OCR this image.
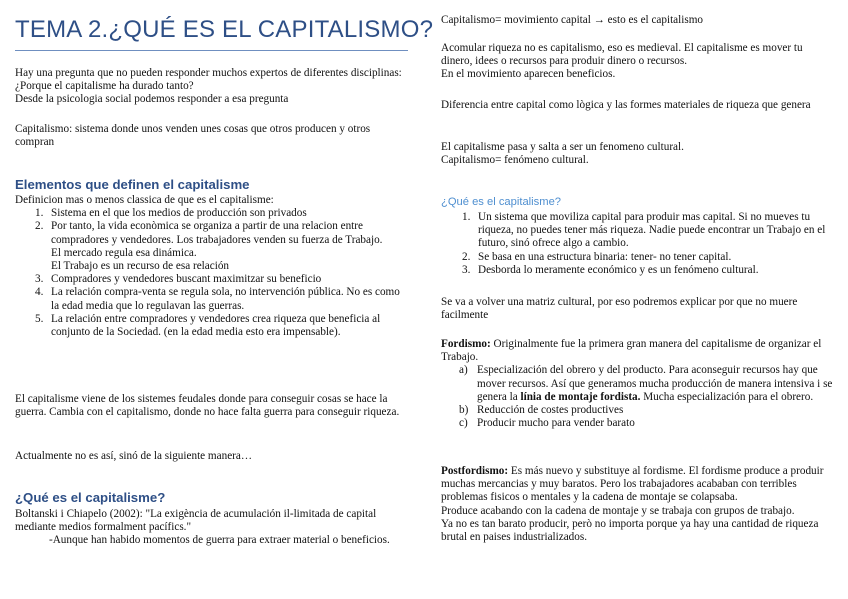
TEMA 2.¿QUÉ ES EL CAPITALISMO?

Hay una pregunta que no pueden responder muchos expertos de diferentes disciplinas: ¿Porque el capitalisme ha durado tanto?

Desde la psicologia social podemos responder a esa pregunta

Capitalismo: sistema donde unos venden unes cosas que otros producen y otros compran

Elementos que definen el capitalisme

Definicion mas o menos classica de que es el capitalisme:

1. Sistema en el que los medios de producción son privados
2. Por tanto, la vida econòmica se organiza a partir de una relacion entre compradores y vendedores. Los trabajadores venden su fuerza de Trabajo.
El mercado regula esa dinámica.
El Trabajo es un recurso de esa relación
3. Compradores y vendedores buscant maximitzar su beneficio
4. La relación compra-venta se regula sola, no intervención pública. No es como la edad media que lo regulavan las guerras.
5. La relación entre compradores y vendedores crea riqueza que beneficia al conjunto de la Sociedad. (en la edad media esto era impensable).

El capitalisme viene de los sistemes feudales donde para conseguir cosas se hace la guerra. Cambia con el capitalismo, donde no hace falta guerra para conseguir riqueza.

Actualmente no es así, sinó de la siguiente manera…

¿Qué es el capitalisme?

Boltanski i Chiapelo (2002): "La exigència de acumulación il-limitada de capital mediante medios formalment pacífics."

-Aunque han habido momentos de guerra para extraer material o beneficios.

Capitalismo= movimiento capital → esto es el capitalismo

Acomular riqueza no es capitalismo, eso es medieval. El capitalisme es mover tu dinero, idees o recursos para produir dinero o recursos.

En el movimiento aparecen beneficios.

Diferencia entre capital como lògica y las formes materiales de riqueza que genera

El capitalisme pasa y salta a ser un fenomeno cultural.

Capitalismo= fenómeno cultural.

¿Qué es el capitalisme?
1. Un sistema que moviliza capital para produir mas capital. Si no mueves tu riqueza, no puedes tener más riqueza. Nadie puede encontrar un Trabajo en el futuro, sinó ofrece algo a cambio.
2. Se basa en una estructura binaria: tener- no tener capital.
3. Desborda lo meramente económico y es un fenómeno cultural.

Se va a volver una matriz cultural, por eso podremos explicar por que no muere facilmente

Fordismo: Originalmente fue la primera gran manera del capitalisme de organizar el Trabajo.

a) Especialización del obrero y del producto. Para aconseguir recursos hay que mover recursos. Así que generamos mucha producción de manera intensiva i se genera la línia de montaje fordista. Mucha especialización para el obrero.
b) Reducción de costes productives
c) Producir mucho para vender barato

Postfordismo: Es más nuevo y substituye al fordisme. El fordisme produce a produir muchas mercancias y muy baratos. Pero los trabajadores acababan con terribles problemas fisicos o mentales y la cadena de montaje se colapsaba.

Produce acabando con la cadena de montaje y se trabaja con grupos de trabajo.

Ya no es tan barato producir, però no importa porque ya hay una cantidad de riqueza brutal en paises industrializados.
